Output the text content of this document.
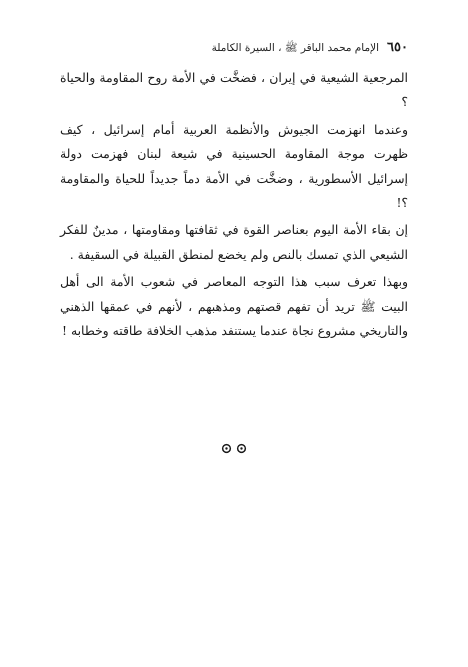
٦٥٠
الإمام محمد الباقر ﷺ ، السيرة الكاملة

المرجعية الشيعية في إيران ، فضخَّت في الأمة روح المقاومة والحياة ؟

وعندما انهزمت الجيوش والأنظمة العربية أمام إسرائيل ، كيف ظهرت موجة المقاومة الحسينية في شيعة لبنان فهزمت دولة إسرائيل الأسطورية ، وضخَّت في الأمة دماً جديداً للحياة والمقاومة ؟!

إن بقاء الأمة اليوم بعناصر القوة في ثقافتها ومقاومتها ، مدينٌ للفكر الشيعي الذي تمسك بالنص ولم يخضع لمنطق القبيلة في السقيفة .

وبهذا تعرف سبب هذا التوجه المعاصر في شعوب الأمة الى أهل البيت ﷺ تريد أن تفهم قصتهم ومذهبهم ، لأنهم في عمقها الذهني والتاريخي مشروع نجاة عندما يستنفد مذهب الخلافة طاقته وخطابه !
